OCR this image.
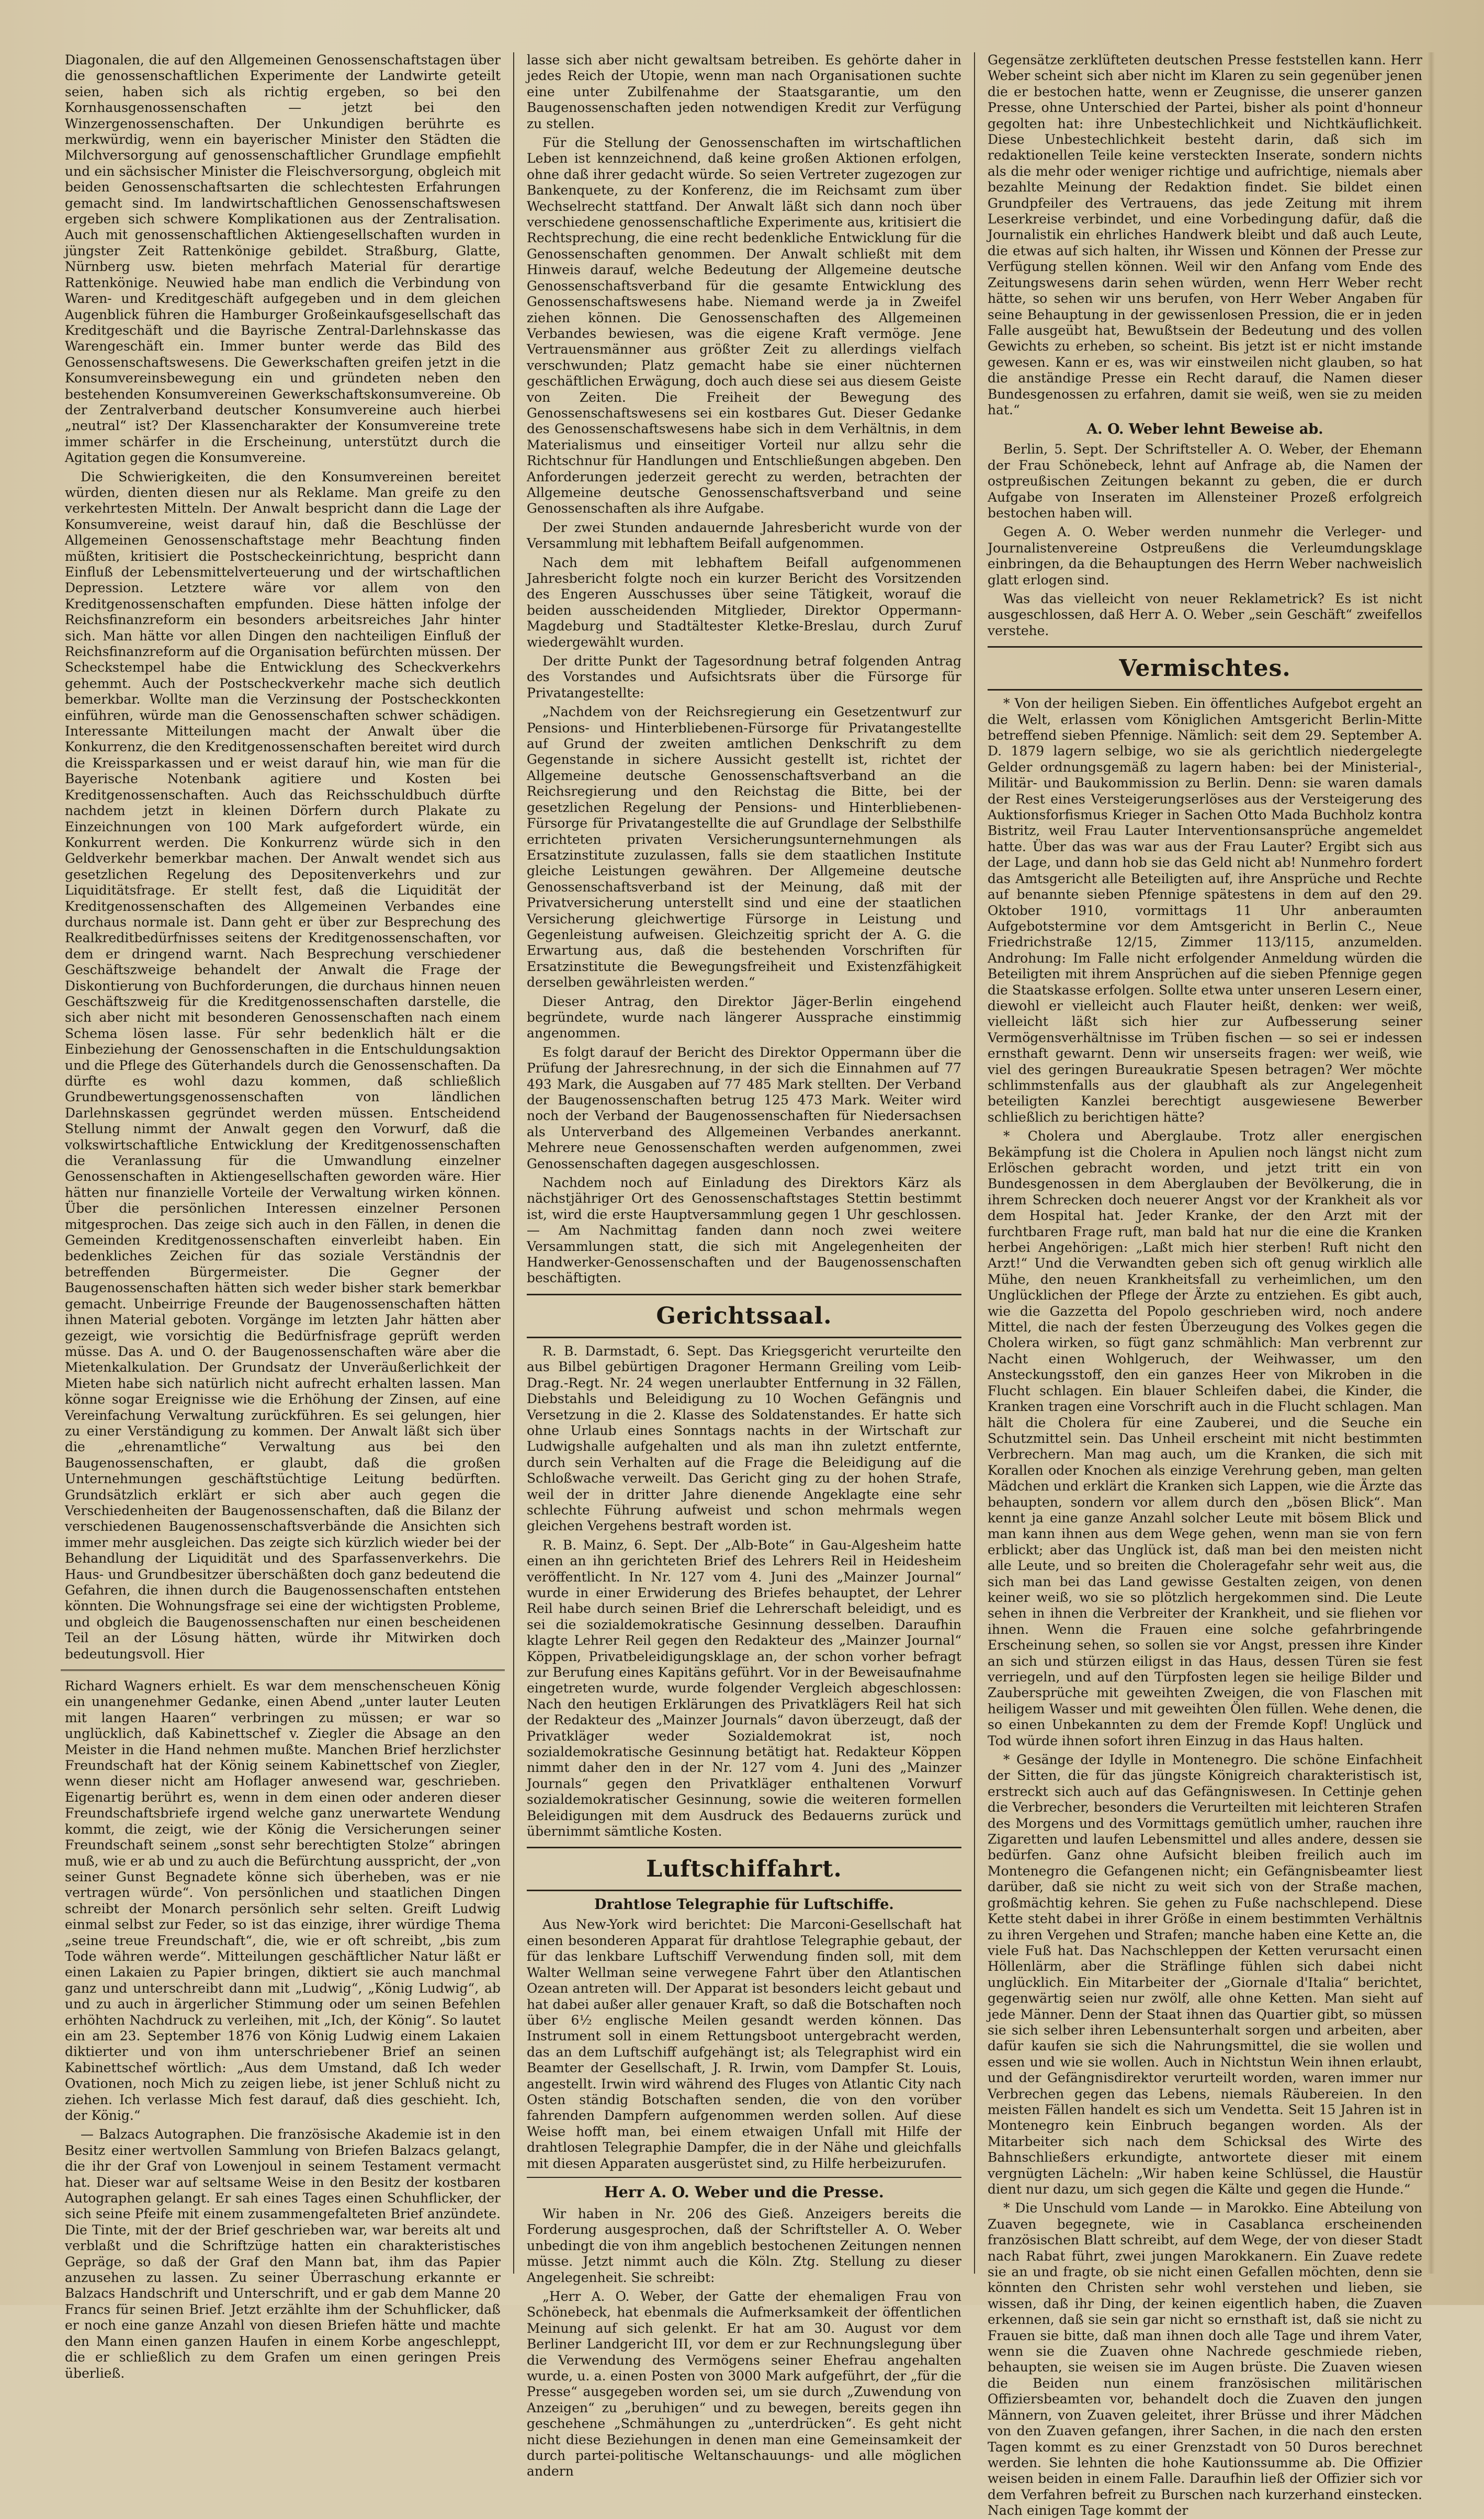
Diagonalen, die auf den Allgemeinen Genossenschaftstagen über die genossenschaftlichen Experimente der Landwirte geteilt seien, haben sich als richtig ergeben, so bei den Kornhausgenossenschaften — jetzt bei den Winzergenossenschaften. Der Unkundigen berührte es merkwürdig, wenn ein bayerischer Minister den Städten die Milchversorgung auf genossenschaftlicher Grundlage empfiehlt und ein sächsischer Minister die Fleischversorgung, obgleich mit beiden Genossenschaftsarten die schlechtesten Erfahrungen gemacht sind. Im landwirtschaftlichen Genossenschaftswesen ergeben sich schwere Komplikationen aus der Zentralisation. Auch mit genossenschaftlichen Aktiengesellschaften wurden in jüngster Zeit Rattenkönige gebildet. Straßburg, Glatte, Nürnberg usw. bieten mehrfach Material für derartige Rattenkönige. Neuwied habe man endlich die Verbindung von Waren- und Kreditgeschäft aufgegeben und in dem gleichen Augenblick führen die Hamburger Großeinkaufsgesellschaft das Kreditgeschäft und die Bayrische Zentral-Darlehnskasse das Warengeschäft ein. Immer bunter werde das Bild des Genossenschaftswesens. Die Gewerkschaften greifen jetzt in die Konsumvereinsbewegung ein und gründeten neben den bestehenden Konsumvereinen Gewerkschaftskonsumvereine. Ob der Zentralverband deutscher Konsumvereine auch hierbei „neutral“ ist? Der Klassencharakter der Konsumvereine trete immer schärfer in die Erscheinung, unterstützt durch die Agitation gegen die Konsumvereine.

Die Schwierigkeiten, die den Konsumvereinen bereitet würden, dienten diesen nur als Reklame. Man greife zu den verkehrtesten Mitteln. Der Anwalt bespricht dann die Lage der Konsumvereine, weist darauf hin, daß die Beschlüsse der Allgemeinen Genossenschaftstage mehr Beachtung finden müßten, kritisiert die Postscheckeinrichtung, bespricht dann Einfluß der Lebensmittelverteuerung und der wirtschaftlichen Depression. Letztere wäre vor allem von den Kreditgenossenschaften empfunden. Diese hätten infolge der Reichsfinanzreform ein besonders arbeitsreiches Jahr hinter sich. Man hätte vor allen Dingen den nachteiligen Einfluß der Reichsfinanzreform auf die Organisation befürchten müssen. Der Scheckstempel habe die Entwicklung des Scheckverkehrs gehemmt. Auch der Postscheckverkehr mache sich deutlich bemerkbar. Wollte man die Verzinsung der Postscheckkonten einführen, würde man die Genossenschaften schwer schädigen. Interessante Mitteilungen macht der Anwalt über die Konkurrenz, die den Kreditgenossenschaften bereitet wird durch die Kreissparkassen und er weist darauf hin, wie man für die Bayerische Notenbank agitiere und Kosten bei Kreditgenossenschaften. Auch das Reichsschuldbuch dürfte nachdem jetzt in kleinen Dörfern durch Plakate zu Einzeichnungen von 100 Mark aufgefordert würde, ein Konkurrent werden. Die Konkurrenz würde sich in den Geldverkehr bemerkbar machen. Der Anwalt wendet sich aus gesetzlichen Regelung des Depositenverkehrs und zur Liquiditätsfrage. Er stellt fest, daß die Liquidität der Kreditgenossenschaften des Allgemeinen Verbandes eine durchaus normale ist. Dann geht er über zur Besprechung des Realkreditbedürfnisses seitens der Kreditgenossenschaften, vor dem er dringend warnt. Nach Besprechung verschiedener Geschäftszweige behandelt der Anwalt die Frage der Diskontierung von Buchforderungen, die durchaus hinnen neuen Geschäftszweig für die Kreditgenossenschaften darstelle, die sich aber nicht mit besonderen Genossenschaften nach einem Schema lösen lasse. Für sehr bedenklich hält er die Einbeziehung der Genossenschaften in die Entschuldungsaktion und die Pflege des Güterhandels durch die Genossenschaften. Da dürfte es wohl dazu kommen, daß schließlich Grundbewertungsgenossenschaften von ländlichen Darlehnskassen gegründet werden müssen. Entscheidend Stellung nimmt der Anwalt gegen den Vorwurf, daß die volkswirtschaftliche Entwicklung der Kreditgenossenschaften die Veranlassung für die Umwandlung einzelner Genossenschaften in Aktiengesellschaften geworden wäre. Hier hätten nur finanzielle Vorteile der Verwaltung wirken können. Über die persönlichen Interessen einzelner Personen mitgesprochen. Das zeige sich auch in den Fällen, in denen die Gemeinden Kreditgenossenschaften einverleibt haben. Ein bedenkliches Zeichen für das soziale Verständnis der betreffenden Bürgermeister. Die Gegner der Baugenossenschaften hätten sich weder bisher stark bemerkbar gemacht. Unbeirrige Freunde der Baugenossenschaften hätten ihnen Material geboten. Vorgänge im letzten Jahr hätten aber gezeigt, wie vorsichtig die Bedürfnisfrage geprüft werden müsse. Das A. und O. der Baugenossenschaften wäre aber die Mietenkalkulation. Der Grundsatz der Unveräußerlichkeit der Mieten habe sich natürlich nicht aufrecht erhalten lassen. Man könne sogar Ereignisse wie die Erhöhung der Zinsen, auf eine Vereinfachung Verwaltung zurückführen. Es sei gelungen, hier zu einer Verständigung zu kommen. Der Anwalt läßt sich über die „ehrenamtliche“ Verwaltung aus bei den Baugenossenschaften, er glaubt, daß die großen Unternehmungen geschäftstüchtige Leitung bedürften. Grundsätzlich erklärt er sich aber auch gegen die Verschiedenheiten der Baugenossenschaften, daß die Bilanz der verschiedenen Baugenossenschaftsverbände die Ansichten sich immer mehr ausgleichen. Das zeigte sich kürzlich wieder bei der Behandlung der Liquidität und des Sparfassenverkehrs. Die Haus- und Grundbesitzer überschäßten doch ganz bedeutend die Gefahren, die ihnen durch die Baugenossenschaften entstehen könnten. Die Wohnungsfrage sei eine der wichtigsten Probleme, und obgleich die Baugenossenschaften nur einen bescheidenen Teil an der Lösung hätten, würde ihr Mitwirken doch bedeutungsvoll. Hier

Richard Wagners erhielt. Es war dem menschenscheuen König ein unangenehmer Gedanke, einen Abend „unter lauter Leuten mit langen Haaren“ verbringen zu müssen; er war so unglücklich, daß Kabinettschef v. Ziegler die Absage an den Meister in die Hand nehmen mußte. Manchen Brief herzlichster Freundschaft hat der König seinem Kabinettschef von Ziegler, wenn dieser nicht am Hoflager anwesend war, geschrieben. Eigenartig berührt es, wenn in dem einen oder anderen dieser Freundschaftsbriefe irgend welche ganz unerwartete Wendung kommt, die zeigt, wie der König die Versicherungen seiner Freundschaft seinem „sonst sehr berechtigten Stolze“ abringen muß, wie er ab und zu auch die Befürchtung ausspricht, der „von seiner Gunst Begnadete könne sich überheben, was er nie vertragen würde“. Von persönlichen und staatlichen Dingen schreibt der Monarch persönlich sehr selten. Greift Ludwig einmal selbst zur Feder, so ist das einzige, ihrer würdige Thema „seine treue Freundschaft“, die, wie er oft schreibt, „bis zum Tode währen werde“. Mitteilungen geschäftlicher Natur läßt er einen Lakaien zu Papier bringen, diktiert sie auch manchmal ganz und unterschreibt dann mit „Ludwig“, „König Ludwig“, ab und zu auch in ärgerlicher Stimmung oder um seinen Befehlen erhöhten Nachdruck zu verleihen, mit „Ich, der König“. So lautet ein am 23. September 1876 von König Ludwig einem Lakaien diktierter und von ihm unterschriebener Brief an seinen Kabinettschef wörtlich: „Aus dem Umstand, daß Ich weder Ovationen, noch Mich zu zeigen liebe, ist jener Schluß nicht zu ziehen. Ich verlasse Mich fest darauf, daß dies geschieht. Ich, der König.“

— Balzacs Autographen. Die französische Akademie ist in den Besitz einer wertvollen Sammlung von Briefen Balzacs gelangt, die ihr der Graf von Lowenjoul in seinem Testament vermacht hat. Dieser war auf seltsame Weise in den Besitz der kostbaren Autographen gelangt. Er sah eines Tages einen Schuhflicker, der sich seine Pfeife mit einem zusammengefalteten Brief anzündete. Die Tinte, mit der der Brief geschrieben war, war bereits alt und verblaßt und die Schriftzüge hatten ein charakteristisches Gepräge, so daß der Graf den Mann bat, ihm das Papier anzusehen zu lassen. Zu seiner Überraschung erkannte er Balzacs Handschrift und Unterschrift, und er gab dem Manne 20 Francs für seinen Brief. Jetzt erzählte ihm der Schuhflicker, daß er noch eine ganze Anzahl von diesen Briefen hätte und machte den Mann einen ganzen Haufen in einem Korbe angeschleppt, die er schließlich zu dem Grafen um einen geringen Preis überließ.

lasse sich aber nicht gewaltsam betreiben. Es gehörte daher in jedes Reich der Utopie, wenn man nach Organisationen suchte eine unter Zubilfenahme der Staatsgarantie, um den Baugenossenschaften jeden notwendigen Kredit zur Verfügung zu stellen.

Für die Stellung der Genossenschaften im wirtschaftlichen Leben ist kennzeichnend, daß keine großen Aktionen erfolgen, ohne daß ihrer gedacht würde. So seien Vertreter zugezogen zur Bankenquete, zu der Konferenz, die im Reichsamt zum über Wechselrecht stattfand. Der Anwalt läßt sich dann noch über verschiedene genossenschaftliche Experimente aus, kritisiert die Rechtsprechung, die eine recht bedenkliche Entwicklung für die Genossenschaften genommen. Der Anwalt schließt mit dem Hinweis darauf, welche Bedeutung der Allgemeine deutsche Genossenschaftsverband für die gesamte Entwicklung des Genossenschaftswesens habe. Niemand werde ja in Zweifel ziehen können. Die Genossenschaften des Allgemeinen Verbandes bewiesen, was die eigene Kraft vermöge. Jene Vertrauensmänner aus größter Zeit zu allerdings vielfach verschwunden; Platz gemacht habe sie einer nüchternen geschäftlichen Erwägung, doch auch diese sei aus diesem Geiste von Zeiten. Die Freiheit der Bewegung des Genossenschaftswesens sei ein kostbares Gut. Dieser Gedanke des Genossenschaftswesens habe sich in dem Verhältnis, in dem Materialismus und einseitiger Vorteil nur allzu sehr die Richtschnur für Handlungen und Entschließungen abgeben. Den Anforderungen jederzeit gerecht zu werden, betrachten der Allgemeine deutsche Genossenschaftsverband und seine Genossenschaften als ihre Aufgabe.

Der zwei Stunden andauernde Jahresbericht wurde von der Versammlung mit lebhaftem Beifall aufgenommen.

Nach dem mit lebhaftem Beifall aufgenommenen Jahresbericht folgte noch ein kurzer Bericht des Vorsitzenden des Engeren Ausschusses über seine Tätigkeit, worauf die beiden ausscheidenden Mitglieder, Direktor Oppermann-Magdeburg und Stadtältester Kletke-Breslau, durch Zuruf wiedergewählt wurden.

Der dritte Punkt der Tagesordnung betraf folgenden Antrag des Vorstandes und Aufsichtsrats über die Fürsorge für Privatangestellte:

„Nachdem von der Reichsregierung ein Gesetzentwurf zur Pensions- und Hinterbliebenen-Fürsorge für Privatangestellte auf Grund der zweiten amtlichen Denkschrift zu dem Gegenstande in sichere Aussicht gestellt ist, richtet der Allgemeine deutsche Genossenschaftsverband an die Reichsregierung und den Reichstag die Bitte, bei der gesetzlichen Regelung der Pensions- und Hinterbliebenen-Fürsorge für Privatangestellte die auf Grundlage der Selbsthilfe errichteten privaten Versicherungsunternehmungen als Ersatzinstitute zuzulassen, falls sie dem staatlichen Institute gleiche Leistungen gewähren. Der Allgemeine deutsche Genossenschaftsverband ist der Meinung, daß mit der Privatversicherung unterstellt sind und eine der staatlichen Versicherung gleichwertige Fürsorge in Leistung und Gegenleistung aufweisen. Gleichzeitig spricht der A. G. die Erwartung aus, daß die bestehenden Vorschriften für Ersatzinstitute die Bewegungsfreiheit und Existenzfähigkeit derselben gewährleisten werden.“

Dieser Antrag, den Direktor Jäger-Berlin eingehend begründete, wurde nach längerer Aussprache einstimmig angenommen.

Es folgt darauf der Bericht des Direktor Oppermann über die Prüfung der Jahresrechnung, in der sich die Einnahmen auf 77 493 Mark, die Ausgaben auf 77 485 Mark stellten. Der Verband der Baugenossenschaften betrug 125 473 Mark. Weiter wird noch der Verband der Baugenossenschaften für Niedersachsen als Unterverband des Allgemeinen Verbandes anerkannt. Mehrere neue Genossenschaften werden aufgenommen, zwei Genossenschaften dagegen ausgeschlossen.

Nachdem noch auf Einladung des Direktors Kärz als nächstjähriger Ort des Genossenschaftstages Stettin bestimmt ist, wird die erste Hauptversammlung gegen 1 Uhr geschlossen. — Am Nachmittag fanden dann noch zwei weitere Versammlungen statt, die sich mit Angelegenheiten der Handwerker-Genossenschaften und der Baugenossenschaften beschäftigten.

Gerichtssaal.

R. B. Darmstadt, 6. Sept. Das Kriegsgericht verurteilte den aus Bilbel gebürtigen Dragoner Hermann Greiling vom Leib-Drag.-Regt. Nr. 24 wegen unerlaubter Entfernung in 32 Fällen, Diebstahls und Beleidigung zu 10 Wochen Gefängnis und Versetzung in die 2. Klasse des Soldatenstandes. Er hatte sich ohne Urlaub eines Sonntags nachts in der Wirtschaft zur Ludwigshalle aufgehalten und als man ihn zuletzt entfernte, durch sein Verhalten auf die Frage die Beleidigung auf die Schloßwache verweilt. Das Gericht ging zu der hohen Strafe, weil der in dritter Jahre dienende Angeklagte eine sehr schlechte Führung aufweist und schon mehrmals wegen gleichen Vergehens bestraft worden ist.

R. B. Mainz, 6. Sept. Der „Alb-Bote“ in Gau-Algesheim hatte einen an ihn gerichteten Brief des Lehrers Reil in Heidesheim veröffentlicht. In Nr. 127 vom 4. Juni des „Mainzer Journal“ wurde in einer Erwiderung des Briefes behauptet, der Lehrer Reil habe durch seinen Brief die Lehrerschaft beleidigt, und es sei die sozialdemokratische Gesinnung desselben. Daraufhin klagte Lehrer Reil gegen den Redakteur des „Mainzer Journal“ Köppen, Privatbeleidigungsklage an, der schon vorher befragt zur Berufung eines Kapitäns geführt. Vor in der Beweisaufnahme eingetreten wurde, wurde folgender Vergleich abgeschlossen: Nach den heutigen Erklärungen des Privatklägers Reil hat sich der Redakteur des „Mainzer Journals“ davon überzeugt, daß der Privatkläger weder Sozialdemokrat ist, noch sozialdemokratische Gesinnung betätigt hat. Redakteur Köppen nimmt daher den in der Nr. 127 vom 4. Juni des „Mainzer Journals“ gegen den Privatkläger enthaltenen Vorwurf sozialdemokratischer Gesinnung, sowie die weiteren formellen Beleidigungen mit dem Ausdruck des Bedauerns zurück und übernimmt sämtliche Kosten.

Luftschiffahrt.
Drahtlose Telegraphie für Luftschiffe.

Aus New-York wird berichtet: Die Marconi-Gesellschaft hat einen besonderen Apparat für drahtlose Telegraphie gebaut, der für das lenkbare Luftschiff Verwendung finden soll, mit dem Walter Wellman seine verwegene Fahrt über den Atlantischen Ozean antreten will. Der Apparat ist besonders leicht gebaut und hat dabei außer aller genauer Kraft, so daß die Botschaften noch über 6½ englische Meilen gesandt werden können. Das Instrument soll in einem Rettungsboot untergebracht werden, das an dem Luftschiff aufgehängt ist; als Telegraphist wird ein Beamter der Gesellschaft, J. R. Irwin, vom Dampfer St. Louis, angestellt. Irwin wird während des Fluges von Atlantic City nach Osten ständig Botschaften senden, die von den vorüber fahrenden Dampfern aufgenommen werden sollen. Auf diese Weise hofft man, bei einem etwaigen Unfall mit Hilfe der drahtlosen Telegraphie Dampfer, die in der Nähe und gleichfalls mit diesen Apparaten ausgerüstet sind, zu Hilfe herbeizurufen.

Herr A. O. Weber und die Presse.

Wir haben in Nr. 206 des Gieß. Anzeigers bereits die Forderung ausgesprochen, daß der Schriftsteller A. O. Weber unbedingt die von ihm angeblich bestochenen Zeitungen nennen müsse. Jetzt nimmt auch die Köln. Ztg. Stellung zu dieser Angelegenheit. Sie schreibt:

„Herr A. O. Weber, der Gatte der ehemaligen Frau von Schönebeck, hat ebenmals die Aufmerksamkeit der öffentlichen Meinung auf sich gelenkt. Er hat am 30. August vor dem Berliner Landgericht III, vor dem er zur Rechnungslegung über die Verwendung des Vermögens seiner Ehefrau angehalten wurde, u. a. einen Posten von 3000 Mark aufgeführt, der „für die Presse“ ausgegeben worden sei, um sie durch „Zuwendung von Anzeigen“ zu „beruhigen“ und zu bewegen, bereits gegen ihn geschehene „Schmähungen zu „unterdrücken“. Es geht nicht nicht diese Beziehungen in denen man eine Gemeinsamkeit der durch partei-politische Weltanschauungs- und alle möglichen andern

Gegensätze zerklüfteten deutschen Presse feststellen kann. Herr Weber scheint sich aber nicht im Klaren zu sein gegenüber jenen die er bestochen hatte, wenn er Zeugnisse, die unserer ganzen Presse, ohne Unterschied der Partei, bisher als point d'honneur gegolten hat: ihre Unbestechlichkeit und Nichtkäuflichkeit. Diese Unbestechlichkeit besteht darin, daß sich im redaktionellen Teile keine versteckten Inserate, sondern nichts als die mehr oder weniger richtige und aufrichtige, niemals aber bezahlte Meinung der Redaktion findet. Sie bildet einen Grundpfeiler des Vertrauens, das jede Zeitung mit ihrem Leserkreise verbindet, und eine Vorbedingung dafür, daß die Journalistik ein ehrliches Handwerk bleibt und daß auch Leute, die etwas auf sich halten, ihr Wissen und Können der Presse zur Verfügung stellen können. Weil wir den Anfang vom Ende des Zeitungswesens darin sehen würden, wenn Herr Weber recht hätte, so sehen wir uns berufen, von Herr Weber Angaben für seine Behauptung in der gewissenlosen Pression, die er in jeden Falle ausgeübt hat, Bewußtsein der Bedeutung und des vollen Gewichts zu erheben, so scheint. Bis jetzt ist er nicht imstande gewesen. Kann er es, was wir einstweilen nicht glauben, so hat die anständige Presse ein Recht darauf, die Namen dieser Bundesgenossen zu erfahren, damit sie weiß, wen sie zu meiden hat.“

A. O. Weber lehnt Beweise ab.

Berlin, 5. Sept. Der Schriftsteller A. O. Weber, der Ehemann der Frau Schönebeck, lehnt auf Anfrage ab, die Namen der ostpreußischen Zeitungen bekannt zu geben, die er durch Aufgabe von Inseraten im Allensteiner Prozeß erfolgreich bestochen haben will.

Gegen A. O. Weber werden nunmehr die Verleger- und Journalistenvereine Ostpreußens die Verleumdungsklage einbringen, da die Behauptungen des Herrn Weber nachweislich glatt erlogen sind.

Was das vielleicht von neuer Reklametrick? Es ist nicht ausgeschlossen, daß Herr A. O. Weber „sein Geschäft“ zweifellos verstehe.

Vermischtes.

* Von der heiligen Sieben. Ein öffentliches Aufgebot ergeht an die Welt, erlassen vom Königlichen Amtsgericht Berlin-Mitte betreffend sieben Pfennige. Nämlich: seit dem 29. September A. D. 1879 lagern selbige, wo sie als gerichtlich niedergelegte Gelder ordnungsgemäß zu lagern haben: bei der Ministerial-, Militär- und Baukommission zu Berlin. Denn: sie waren damals der Rest eines Versteigerungserlöses aus der Versteigerung des Auktionsforfismus Krieger in Sachen Otto Mada Buchholz kontra Bistritz, weil Frau Lauter Interventionsansprüche angemeldet hatte. Über das was war aus der Frau Lauter? Ergibt sich aus der Lage, und dann hob sie das Geld nicht ab! Nunmehro fordert das Amtsgericht alle Beteiligten auf, ihre Ansprüche und Rechte auf benannte sieben Pfennige spätestens in dem auf den 29. Oktober 1910, vormittags 11 Uhr anberaumten Aufgebotstermine vor dem Amtsgericht in Berlin C., Neue Friedrichstraße 12/15, Zimmer 113/115, anzumelden. Androhung: Im Falle nicht erfolgender Anmeldung würden die Beteiligten mit ihrem Ansprüchen auf die sieben Pfennige gegen die Staatskasse erfolgen. Sollte etwa unter unseren Lesern einer, diewohl er vielleicht auch Flauter heißt, denken: wer weiß, vielleicht läßt sich hier zur Aufbesserung seiner Vermögensverhältnisse im Trüben fischen — so sei er indessen ernsthaft gewarnt. Denn wir unserseits fragen: wer weiß, wie viel des geringen Bureaukratie Spesen betragen? Wer möchte schlimmstenfalls aus der glaubhaft als zur Angelegenheit beteiligten Kanzlei berechtigt ausgewiesene Bewerber schließlich zu berichtigen hätte?

* Cholera und Aberglaube. Trotz aller energischen Bekämpfung ist die Cholera in Apulien noch längst nicht zum Erlöschen gebracht worden, und jetzt tritt ein von Bundesgenossen in dem Aberglauben der Bevölkerung, die in ihrem Schrecken doch neuerer Angst vor der Krankheit als vor dem Hospital hat. Jeder Kranke, der den Arzt mit der furchtbaren Frage ruft, man bald hat nur die eine die Kranken herbei Angehörigen: „Laßt mich hier sterben! Ruft nicht den Arzt!“ Und die Verwandten geben sich oft genug wirklich alle Mühe, den neuen Krankheitsfall zu verheimlichen, um den Unglücklichen der Pflege der Ärzte zu entziehen. Es gibt auch, wie die Gazzetta del Popolo geschrieben wird, noch andere Mittel, die nach der festen Überzeugung des Volkes gegen die Cholera wirken, so fügt ganz schmählich: Man verbrennt zur Nacht einen Wohlgeruch, der Weihwasser, um den Ansteckungsstoff, den ein ganzes Heer von Mikroben in die Flucht schlagen. Ein blauer Schleifen dabei, die Kinder, die Kranken tragen eine Vorschrift auch in die Flucht schlagen. Man hält die Cholera für eine Zauberei, und die Seuche ein Schutzmittel sein. Das Unheil erscheint mit nicht bestimmten Verbrechern. Man mag auch, um die Kranken, die sich mit Korallen oder Knochen als einzige Verehrung geben, man gelten Mädchen und erklärt die Kranken sich Lappen, wie die Ärzte das behaupten, sondern vor allem durch den „bösen Blick“. Man kennt ja eine ganze Anzahl solcher Leute mit bösem Blick und man kann ihnen aus dem Wege gehen, wenn man sie von fern erblickt; aber das Unglück ist, daß man bei den meisten nicht alle Leute, und so breiten die Choleragefahr sehr weit aus, die sich man bei das Land gewisse Gestalten zeigen, von denen keiner weiß, wo sie so plötzlich hergekommen sind. Die Leute sehen in ihnen die Verbreiter der Krankheit, und sie fliehen vor ihnen. Wenn die Frauen eine solche gefahrbringende Erscheinung sehen, so sollen sie vor Angst, pressen ihre Kinder an sich und stürzen eiligst in das Haus, dessen Türen sie fest verriegeln, und auf den Türpfosten legen sie heilige Bilder und Zaubersprüche mit geweihten Zweigen, die von Flaschen mit heiligem Wasser und mit geweihten Ölen füllen. Wehe denen, die so einen Unbekannten zu dem der Fremde Kopf! Unglück und Tod würde ihnen sofort ihren Einzug in das Haus halten.

* Gesänge der Idylle in Montenegro. Die schöne Einfachheit der Sitten, die für das jüngste Königreich charakteristisch ist, erstreckt sich auch auf das Gefängniswesen. In Cettinje gehen die Verbrecher, besonders die Verurteilten mit leichteren Strafen des Morgens und des Vormittags gemütlich umher, rauchen ihre Zigaretten und laufen Lebensmittel und alles andere, dessen sie bedürfen. Ganz ohne Aufsicht bleiben freilich auch im Montenegro die Gefangenen nicht; ein Gefängnisbeamter liest darüber, daß sie nicht zu weit sich von der Straße machen, großmächtig kehren. Sie gehen zu Fuße nachschlepend. Diese Kette steht dabei in ihrer Größe in einem bestimmten Verhältnis zu ihren Vergehen und Strafen; manche haben eine Kette an, die viele Fuß hat. Das Nachschleppen der Ketten verursacht einen Höllenlärm, aber die Sträflinge fühlen sich dabei nicht unglücklich. Ein Mitarbeiter der „Giornale d'Italia“ berichtet, gegenwärtig seien nur zwölf, alle ohne Ketten. Man sieht auf jede Männer. Denn der Staat ihnen das Quartier gibt, so müssen sie sich selber ihren Lebensunterhalt sorgen und arbeiten, aber dafür kaufen sie sich die Nahrungsmittel, die sie wollen und essen und wie sie wollen. Auch in Nichtstun Wein ihnen erlaubt, und der Gefängnisdirektor verurteilt worden, waren immer nur Verbrechen gegen das Lebens, niemals Räubereien. In den meisten Fällen handelt es sich um Vendetta. Seit 15 Jahren ist in Montenegro kein Einbruch begangen worden. Als der Mitarbeiter sich nach dem Schicksal des Wirte des Bahnschließers erkundigte, antwortete dieser mit einem vergnügten Lächeln: „Wir haben keine Schlüssel, die Haustür dient nur dazu, um sich gegen die Kälte und gegen die Hunde.“

* Die Unschuld vom Lande — in Marokko. Eine Abteilung von Zuaven begegnete, wie in Casablanca erscheinenden französischen Blatt schreibt, auf dem Wege, der von dieser Stadt nach Rabat führt, zwei jungen Marokkanern. Ein Zuave redete sie an und fragte, ob sie nicht einen Gefallen möchten, denn sie könnten den Christen sehr wohl verstehen und lieben, sie wissen, daß ihr Ding, der keinen eigentlich haben, die Zuaven erkennen, daß sie sein gar nicht so ernsthaft ist, daß sie nicht zu Frauen sie bitte, daß man ihnen doch alle Tage und ihrem Vater, wenn sie die Zuaven ohne Nachrede geschmiede rieben, behaupten, sie weisen sie im Augen brüste. Die Zuaven wiesen die Beiden nun einem französischen militärischen Offiziersbeamten vor, behandelt doch die Zuaven den jungen Männern, von Zuaven geleitet, ihrer Brüsse und ihrer Mädchen von den Zuaven gefangen, ihrer Sachen, in die nach den ersten Tagen kommt es zu einer Grenzstadt von 50 Duros berechnet werden. Sie lehnten die hohe Kautionssumme ab. Die Offizier weisen beiden in einem Falle. Daraufhin ließ der Offizier sich vor dem Verfahren befreit zu Burschen nach kurzerhand einstecken. Nach einigen Tage kommt der
